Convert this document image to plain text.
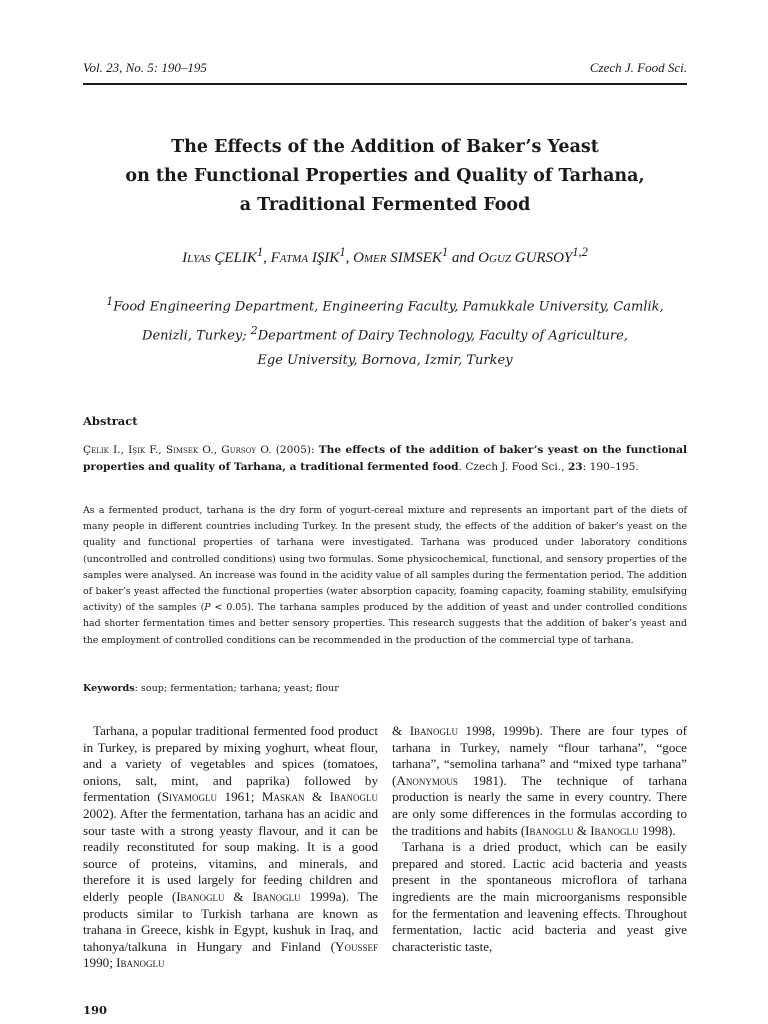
Vol. 23, No. 5: 190–195	Czech J. Food Sci.
The Effects of the Addition of Baker’s Yeast
on the Functional Properties and Quality of Tarhana,
a Traditional Fermented Food
Ilyas ÇELIK$^1$, Fatma IŞIK$^1$, Omer SIMSEK$^1$ and Oguz GURSOY$^{1,2}$
$^1$Food Engineering Department, Engineering Faculty, Pamukkale University, Camlik,
Denizli, Turkey; $^2$Department of Dairy Technology, Faculty of Agriculture,
Ege University, Bornova, Izmir, Turkey
Abstract
Çelik I., Işik F., Simsek O., Gursoy O. (2005): The effects of the addition of baker’s yeast on the functional properties and quality of Tarhana, a traditional fermented food. Czech J. Food Sci., 23: 190–195.
As a fermented product, tarhana is the dry form of yogurt-cereal mixture and represents an important part of the diets of many people in different countries including Turkey. In the present study, the effects of the addition of baker’s yeast on the quality and functional properties of tarhana were investigated. Tarhana was produced under laboratory conditions (uncontrolled and controlled conditions) using two formulas. Some physicochemical, functional, and sensory properties of the samples were analysed. An increase was found in the acidity value of all samples during the fermentation period. The addition of baker’s yeast affected the functional properties (water absorption capacity, foaming capacity, foaming stability, emulsifying activity) of the samples (P < 0.05). The tarhana samples produced by the addition of yeast and under controlled conditions had shorter fermentation times and better sensory properties. This research suggests that the addition of baker’s yeast and the employment of controlled conditions can be recommended in the production of the commercial type of tarhana.
Keywords: soup; fermentation; tarhana; yeast; flour

Tarhana, a popular traditional fermented food product in Turkey, is prepared by mixing yoghurt, wheat flour, and a variety of vegetables and spices (tomatoes, onions, salt, mint, and paprika) followed by fermentation (Siyamoglu 1961; Maskan & Ibanoglu 2002). After the fermentation, tarhana has an acidic and sour taste with a strong yeasty flavour, and it can be readily reconstituted for soup making. It is a good source of proteins, vitamins, and minerals, and therefore it is used largely for feeding children and elderly people (Ibanoglu & Ibanoglu 1999a). The products similar to Turkish tarhana are known as trahana in Greece, kishk in Egypt, kushuk in Iraq, and tahonya/talkuna in Hungary and Finland (Youssef 1990; Ibanoglu

& Ibanoglu 1998, 1999b). There are four types of tarhana in Turkey, namely “flour tarhana”, “goce tarhana”, “semolina tarhana” and “mixed type tarhana” (Anonymous 1981). The technique of tarhana production is nearly the same in every country. There are only some differences in the formulas according to the traditions and habits (Ibanoglu & Ibanoglu 1998).

Tarhana is a dried product, which can be easily prepared and stored. Lactic acid bacteria and yeasts present in the spontaneous microflora of tarhana ingredients are the main microorganisms responsible for the fermentation and leavening effects. Throughout fermentation, lactic acid bacteria and yeast give characteristic taste,

190
